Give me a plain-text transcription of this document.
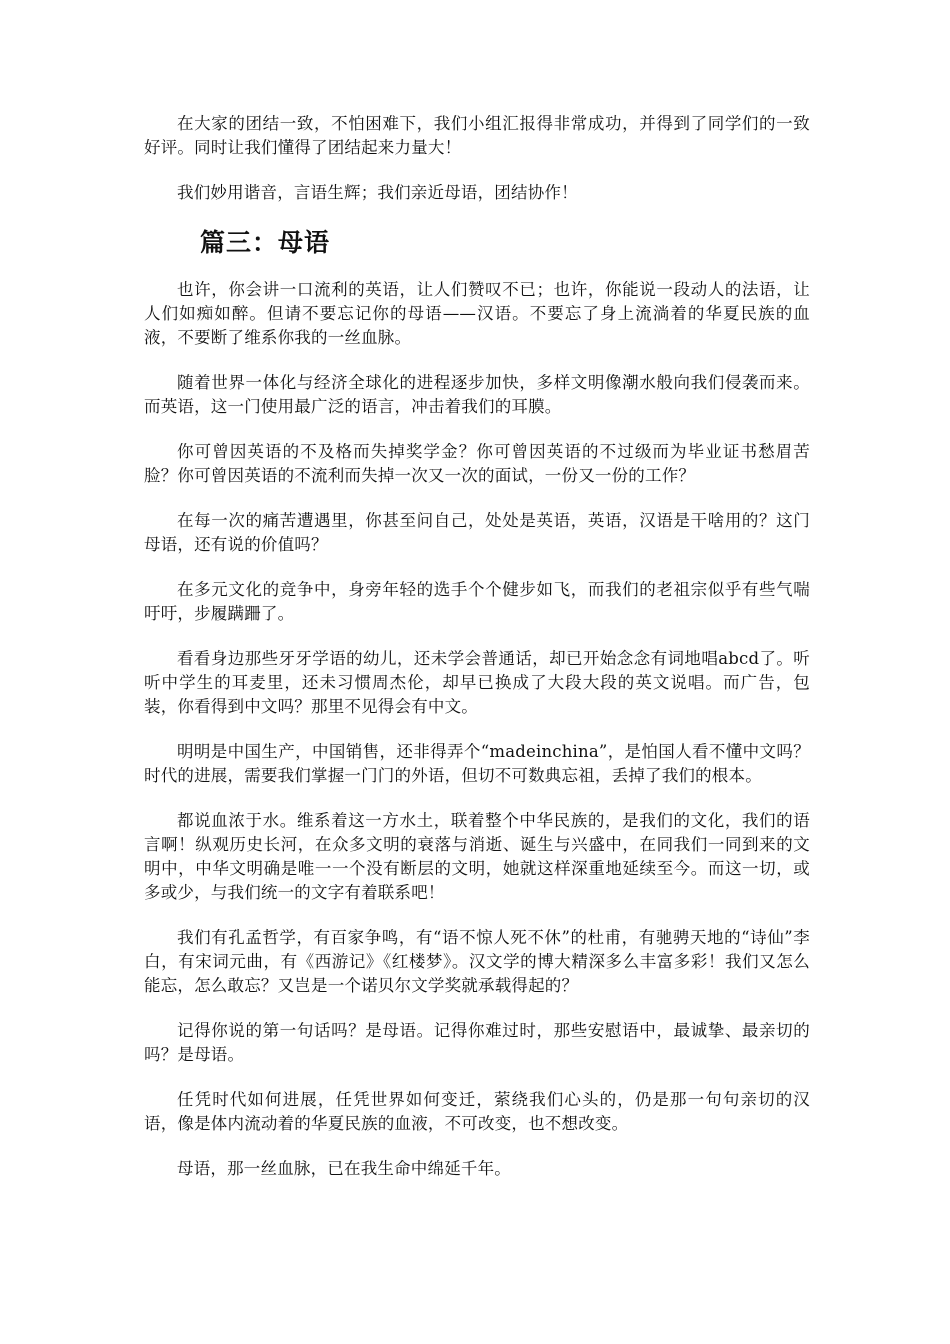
在大家的团结一致，不怕困难下，我们小组汇报得非常成功，并得到了同学们的一致好评。同时让我们懂得了团结起来力量大！

我们妙用谐音，言语生辉；我们亲近母语，团结协作！

篇三：母语

也许，你会讲一口流利的英语，让人们赞叹不已；也许，你能说一段动人的法语，让人们如痴如醉。但请不要忘记你的母语——汉语。不要忘了身上流淌着的华夏民族的血液，不要断了维系你我的一丝血脉。

随着世界一体化与经济全球化的进程逐步加快，多样文明像潮水般向我们侵袭而来。而英语，这一门使用最广泛的语言，冲击着我们的耳膜。

你可曾因英语的不及格而失掉奖学金？你可曾因英语的不过级而为毕业证书愁眉苦脸？你可曾因英语的不流利而失掉一次又一次的面试，一份又一份的工作？

在每一次的痛苦遭遇里，你甚至问自己，处处是英语，英语，汉语是干啥用的？这门母语，还有说的价值吗？

在多元文化的竞争中，身旁年轻的选手个个健步如飞，而我们的老祖宗似乎有些气喘吁吁，步履蹒跚了。

看看身边那些牙牙学语的幼儿，还未学会普通话，却已开始念念有词地唱abcd了。听听中学生的耳麦里，还未习惯周杰伦，却早已换成了大段大段的英文说唱。而广告，包装，你看得到中文吗？那里不见得会有中文。

明明是中国生产，中国销售，还非得弄个“madeinchina”，是怕国人看不懂中文吗？时代的进展，需要我们掌握一门门的外语，但切不可数典忘祖，丢掉了我们的根本。

都说血浓于水。维系着这一方水土，联着整个中华民族的，是我们的文化，我们的语言啊！纵观历史长河，在众多文明的衰落与消逝、诞生与兴盛中，在同我们一同到来的文明中，中华文明确是唯一一个没有断层的文明，她就这样深重地延续至今。而这一切，或多或少，与我们统一的文字有着联系吧！

我们有孔孟哲学，有百家争鸣，有“语不惊人死不休”的杜甫，有驰骋天地的“诗仙”李白，有宋词元曲，有《西游记》《红楼梦》。汉文学的博大精深多么丰富多彩！我们又怎么能忘，怎么敢忘？又岂是一个诺贝尔文学奖就承载得起的？

记得你说的第一句话吗？是母语。记得你难过时，那些安慰语中，最诚挚、最亲切的吗？是母语。

任凭时代如何进展，任凭世界如何变迁，萦绕我们心头的，仍是那一句句亲切的汉语，像是体内流动着的华夏民族的血液，不可改变，也不想改变。

母语，那一丝血脉，已在我生命中绵延千年。
